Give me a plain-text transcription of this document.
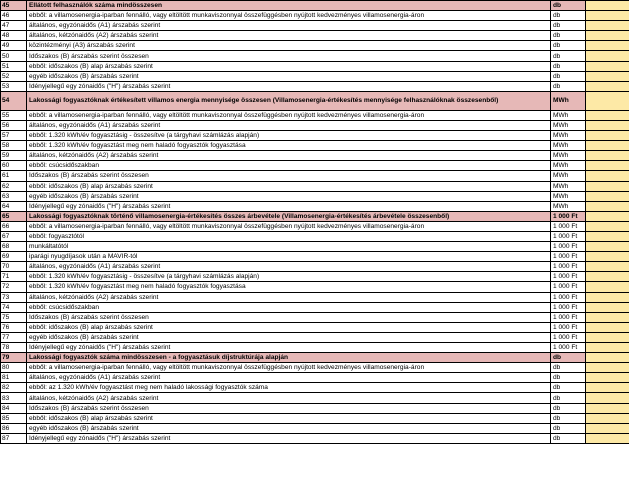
45	Ellátott felhasználók száma mindösszesen	db		
46	ebből: a villamosenergia-iparban fennálló, vagy eltöltött munkaviszonnyal összefüggésben nyújtott kedvezményes villamosenergia-áron	db		
47	általános, egyzónaidős (A1) árszabás szerint	db		
48	általános, kétzónaidős (A2) árszabás szerint	db		
49	közintézményi (A3) árszabás szerint	db		
50	Időszakos (B) árszabás szerint összesen	db		
51	ebből: időszakos (B) alap árszabás szerint	db		
52	egyéb időszakos (B) árszabás szerint	db		
53	Idényjellegű egy zónaidős ("H") árszabás szerint	db		
54	Lakossági fogyasztóknak értékesített villamos energia mennyisége összesen (Villamosenergia-értékesítés mennyisége felhasználóknak összesenből)	MWh		
55	ebből: a villamosenergia-iparban fennálló, vagy eltöltött munkaviszonnyal összefüggésben nyújtott kedvezményes villamosenergia-áron	MWh		
56	általános, egyzónaidős (A1) árszabás szerint	MWh		
57	ebből: 1.320 kWh/év fogyasztásig - összesítve (a tárgyhavi számlázás alapján)	MWh		
58	ebből: 1.320 kWh/év fogyasztást meg nem haladó fogyasztók fogyasztása	MWh		
59	általános, kétzónaidős (A2) árszabás szerint	MWh		
60	ebből: csúcsidőszakban	MWh		
61	Időszakos (B) árszabás szerint összesen	MWh		
62	ebből: időszakos (B) alap árszabás szerint	MWh		
63	egyéb időszakos (B) árszabás szerint	MWh		
64	Idényjellegű egy zónaidős ("H") árszabás szerint	MWh		
65	Lakossági fogyasztóknak történő villamosenergia-értékesítés összes árbevétele (Villamosenergia-értékesítés árbevétele összesenből)	1 000 Ft		
66	ebből: a villamosenergia-iparban fennálló, vagy eltöltött munkaviszonnyal összefüggésben nyújtott kedvezményes villamosenergia-áron	1 000 Ft		
67	ebből: fogyasztótól	1 000 Ft		
68	munkáltatótól	1 000 Ft		
69	iparági nyugdíjasok után a MAVIR-tól	1 000 Ft		
70	általános, egyzónaidős (A1) árszabás szerint	1 000 Ft		
71	ebből: 1.320 kWh/év fogyasztásig - összesítve (a tárgyhavi számlázás alapján)	1 000 Ft		
72	ebből: 1.320 kWh/év fogyasztást meg nem haladó fogyasztók fogyasztása	1 000 Ft		
73	általános, kétzónaidős (A2) árszabás szerint	1 000 Ft		
74	ebből: csúcsidőszakban	1 000 Ft		
75	Időszakos (B) árszabás szerint összesen	1 000 Ft		
76	ebből: időszakos (B) alap árszabás szerint	1 000 Ft		
77	egyéb időszakos (B) árszabás szerint	1 000 Ft		
78	Idényjellegű egy zónaidős ("H") árszabás szerint	1 000 Ft		
79	Lakossági fogyasztók száma mindösszesen - a fogyasztásuk díjstruktúrája alapján	db		
80	ebből: a villamosenergia-iparban fennálló, vagy eltöltött munkaviszonnyal összefüggésben nyújtott kedvezményes villamosenergia-áron	db		
81	általános, egyzónaidős (A1) árszabás szerint	db		
82	ebből: az 1.320 kWh/év fogyasztást meg nem haladó lakossági fogyasztók száma	db		
83	általános, kétzónaidős (A2) árszabás szerint	db		
84	Időszakos (B) árszabás szerint összesen	db		
85	ebből: időszakos (B) alap árszabás szerint	db		
86	egyéb időszakos (B) árszabás szerint	db		
87	Idényjellegű egy zónaidős ("H") árszabás szerint	db		
